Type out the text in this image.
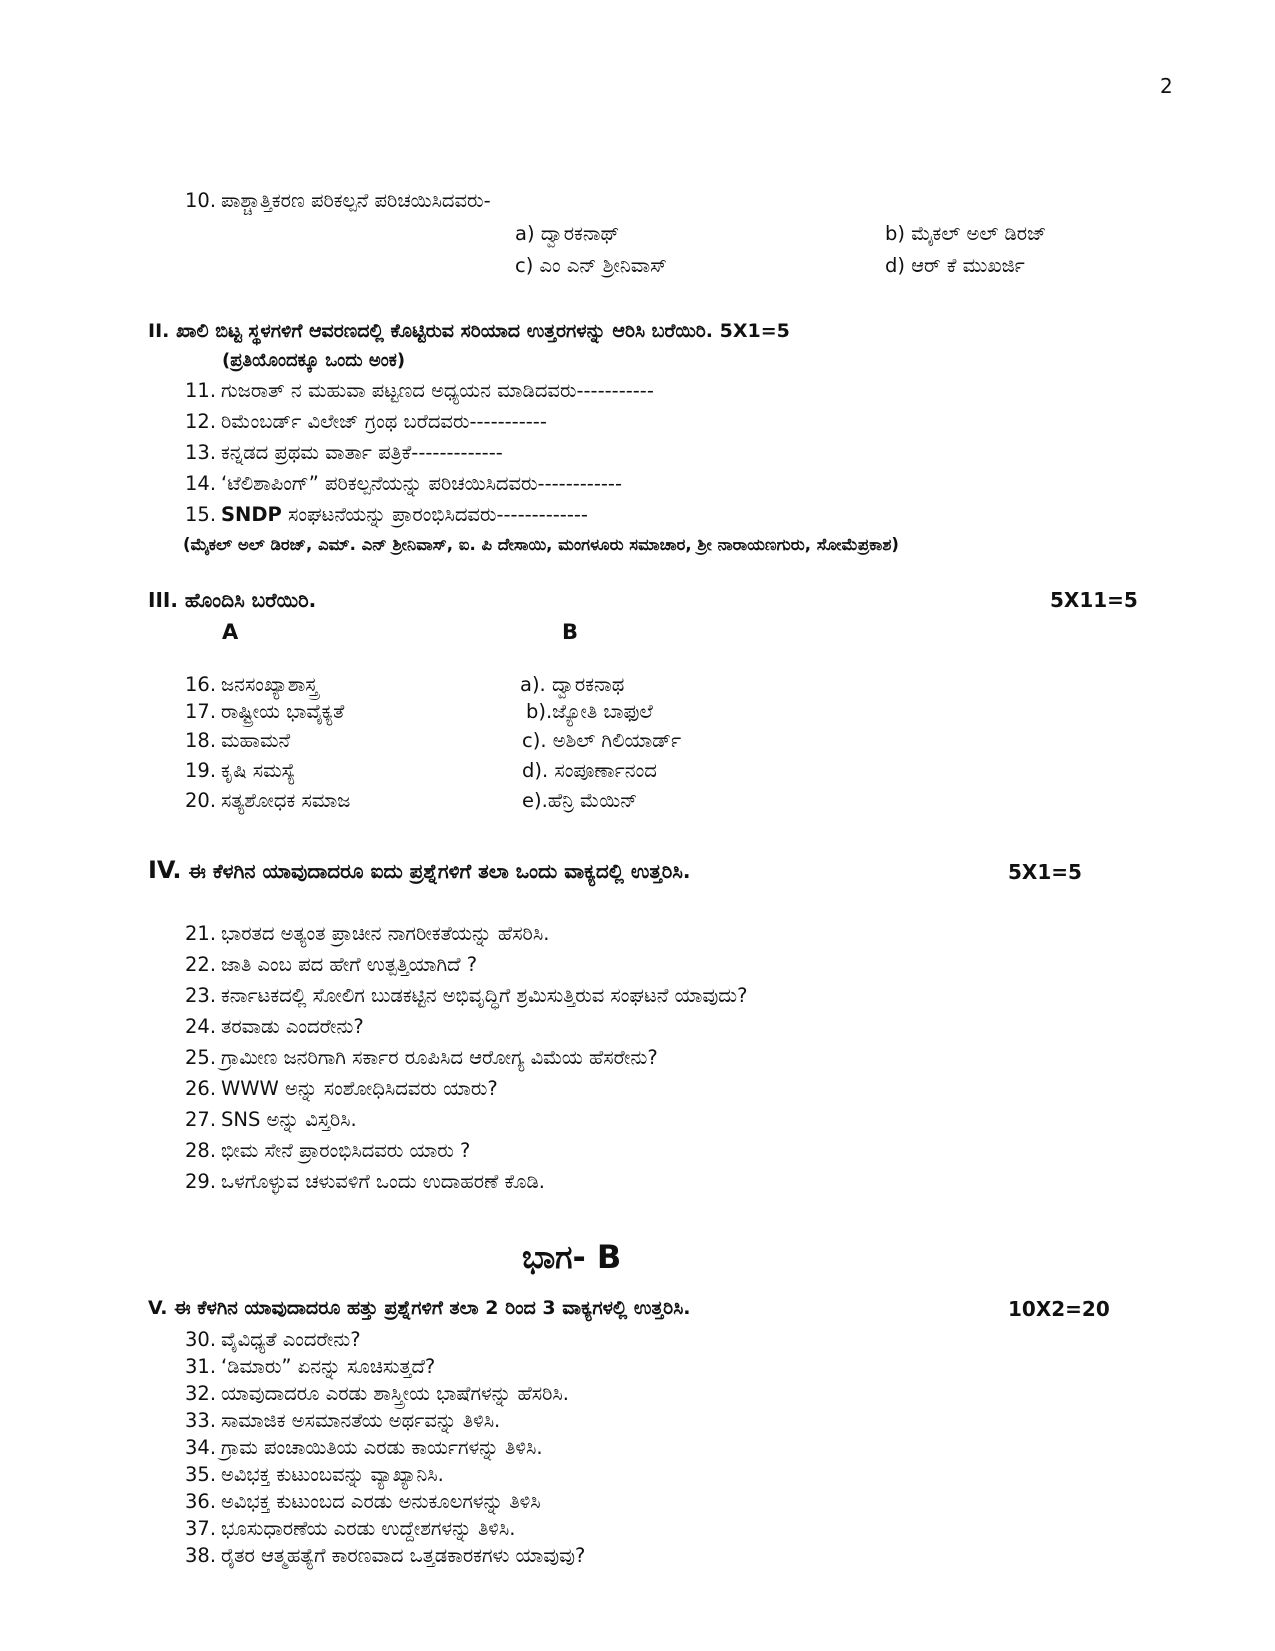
2
10. ಪಾಶ್ಚಾತ್ತಿಕರಣ ಪರಿಕಲ್ಪನೆ ಪರಿಚಯಿಸಿದವರು-
a) ದ್ವಾರಕನಾಥ್	b) ಮೈಕಲ್ ಅಲ್ ಡಿರಜ್
c) ಎಂ ಎನ್ ಶ್ರೀನಿವಾಸ್	d) ಆರ್ ಕೆ ಮುಖರ್ಜಿ
II. ಖಾಲಿ ಬಿಟ್ಟ ಸ್ಥಳಗಳಿಗೆ ಆವರಣದಲ್ಲಿ ಕೊಟ್ಟಿರುವ ಸರಿಯಾದ ಉತ್ತರಗಳನ್ನು ಆರಿಸಿ ಬರೆಯಿರಿ. 5X1=5
(ಪ್ರತಿಯೊಂದಕ್ಕೂ ಒಂದು ಅಂಕ)
11. ಗುಜರಾತ್ ನ ಮಹುವಾ ಪಟ್ಟಣದ ಅಧ್ಯಯನ ಮಾಡಿದವರು-----------
12. ರಿಮೆಂಬರ್ಡ್ ವಿಲೇಜ್ ಗ್ರಂಥ ಬರೆದವರು-----------
13. ಕನ್ನಡದ ಪ್ರಥಮ ವಾರ್ತಾ ಪತ್ರಿಕೆ-------------
14. ‘ಟೆಲಿಶಾಪಿಂಗ್” ಪರಿಕಲ್ಪನೆಯನ್ನು ಪರಿಚಯಿಸಿದವರು------------
15. SNDP ಸಂಘಟನೆಯನ್ನು ಪ್ರಾರಂಭಿಸಿದವರು-------------
(ಮೈಕಲ್ ಅಲ್ ಡಿರಜ್, ಎಮ್. ಎನ್ ಶ್ರೀನಿವಾಸ್, ಐ. ಪಿ ದೇಸಾಯಿ, ಮಂಗಳೂರು ಸಮಾಚಾರ, ಶ್ರೀ ನಾರಾಯಣಗುರು, ಸೋಮೆಪ್ರಕಾಶ)
III. ಹೊಂದಿಸಿ ಬರೆಯಿರಿ.	5X11=5
A	B
16. ಜನಸಂಖ್ಯಾಶಾಸ್ತ್ರ	a). ದ್ವಾರಕನಾಥ
17. ರಾಷ್ಟ್ರೀಯ ಭಾವೈಕ್ಯತೆ	b).ಜ್ಯೋತಿ ಬಾಫುಲೆ
18. ಮಹಾಮನೆ	c). ಅಶಿಲ್ ಗಿಲಿಯಾರ್ಡ್
19. ಕೃಷಿ ಸಮಸ್ಯೆ	d). ಸಂಪೂರ್ಣಾನಂದ
20. ಸತ್ಯಶೋಧಕ ಸಮಾಜ	e).ಹೆನ್ರಿ ಮೆಯಿನ್
IV. ಈ ಕೆಳಗಿನ ಯಾವುದಾದರೂ ಐದು ಪ್ರಶ್ನೆಗಳಿಗೆ ತಲಾ ಒಂದು ವಾಕ್ಯದಲ್ಲಿ ಉತ್ತರಿಸಿ.	5X1=5
21. ಭಾರತದ ಅತ್ಯಂತ ಪ್ರಾಚೀನ ನಾಗರೀಕತೆಯನ್ನು ಹೆಸರಿಸಿ.
22. ಜಾತಿ ಎಂಬ ಪದ ಹೇಗೆ ಉತ್ಪತ್ತಿಯಾಗಿದೆ ?
23. ಕರ್ನಾಟಕದಲ್ಲಿ ಸೋಲಿಗ ಬುಡಕಟ್ಟಿನ ಅಭಿವೃದ್ಧಿಗೆ ಶ್ರಮಿಸುತ್ತಿರುವ ಸಂಘಟನೆ ಯಾವುದು?
24. ತರವಾಡು ಎಂದರೇನು?
25. ಗ್ರಾಮೀಣ ಜನರಿಗಾಗಿ ಸರ್ಕಾರ ರೂಪಿಸಿದ ಆರೋಗ್ಯ ವಿಮೆಯ ಹೆಸರೇನು?
26. WWW ಅನ್ನು ಸಂಶೋಧಿಸಿದವರು ಯಾರು?
27. SNS ಅನ್ನು ವಿಸ್ತರಿಸಿ.
28. ಭೀಮ ಸೇನೆ ಪ್ರಾರಂಭಿಸಿದವರು ಯಾರು ?
29. ಒಳಗೊಳ್ಳುವ ಚಳುವಳಿಗೆ ಒಂದು ಉದಾಹರಣೆ ಕೊಡಿ.
ಭಾಗ- B
V. ಈ ಕೆಳಗಿನ ಯಾವುದಾದರೂ ಹತ್ತು ಪ್ರಶ್ನೆಗಳಿಗೆ ತಲಾ 2 ರಿಂದ 3 ವಾಕ್ಯಗಳಲ್ಲಿ ಉತ್ತರಿಸಿ.	10X2=20
30. ವೈವಿಧ್ಯತೆ ಎಂದರೇನು?
31. ‘ಡಿಮಾರು” ಏನನ್ನು ಸೂಚಿಸುತ್ತದೆ?
32. ಯಾವುದಾದರೂ ಎರಡು ಶಾಸ್ತ್ರೀಯ ಭಾಷೆಗಳನ್ನು ಹೆಸರಿಸಿ.
33. ಸಾಮಾಜಿಕ ಅಸಮಾನತೆಯ ಅರ್ಥವನ್ನು ತಿಳಿಸಿ.
34. ಗ್ರಾಮ ಪಂಚಾಯಿತಿಯ ಎರಡು ಕಾರ್ಯಗಳನ್ನು ತಿಳಿಸಿ.
35. ಅವಿಭಕ್ತ ಕುಟುಂಬವನ್ನು ವ್ಯಾಖ್ಯಾನಿಸಿ.
36. ಅವಿಭಕ್ತ ಕುಟುಂಬದ ಎರಡು ಅನುಕೂಲಗಳನ್ನು ತಿಳಿಸಿ
37. ಭೂಸುಧಾರಣೆಯ ಎರಡು ಉದ್ದೇಶಗಳನ್ನು ತಿಳಿಸಿ.
38. ರೈತರ ಆತ್ಮಹತ್ಯೆಗೆ ಕಾರಣವಾದ ಒತ್ತಡಕಾರಕಗಳು ಯಾವುವು?
